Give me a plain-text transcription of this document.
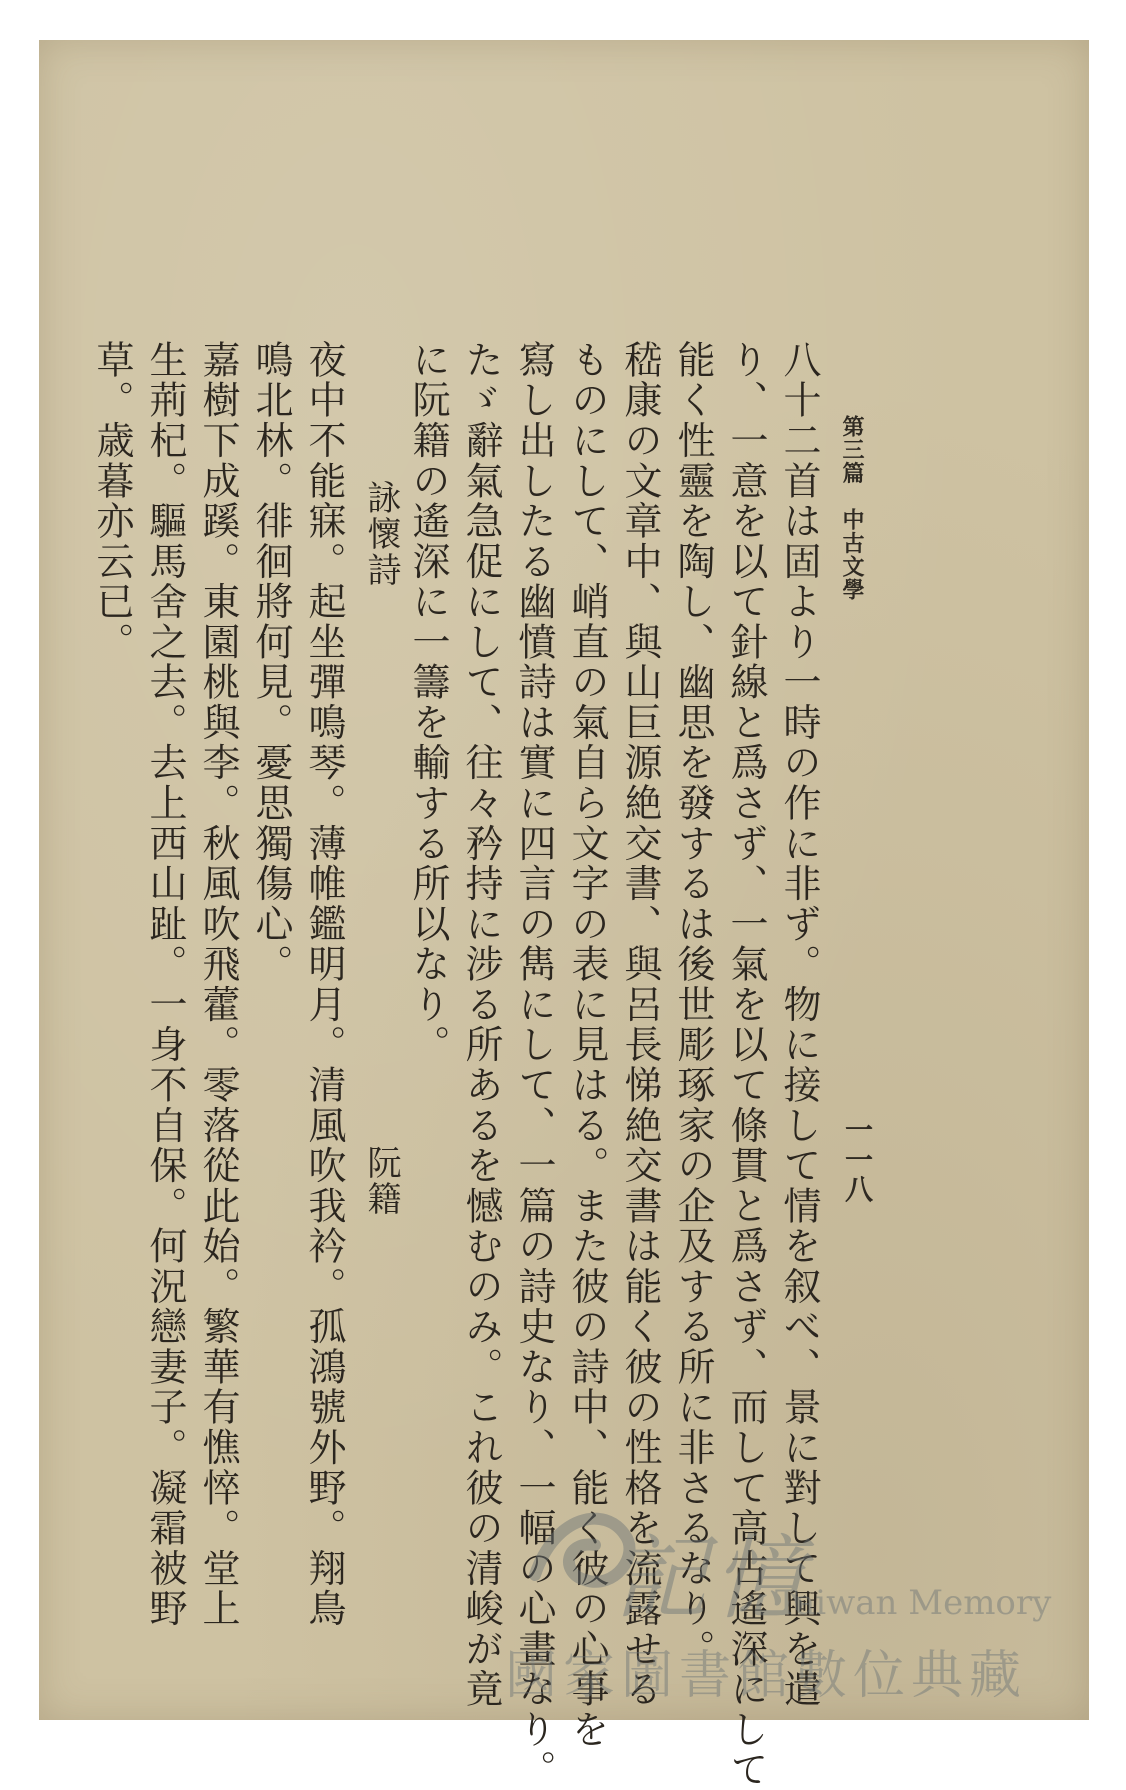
第三篇　中古文學
一一八
八十二首は固より一時の作に非ず。物に接して情を叙べ、景に對して興を遣
り、一意を以て針線と爲さず、一氣を以て條貫と爲さず、而して高古遙深にして
能く性靈を陶し、幽思を發するは後世彫琢家の企及する所に非さるなり。
嵇康の文章中、與山巨源絶交書、與呂長悌絶交書は能く彼の性格を流露せる
ものにして、峭直の氣自ら文字の表に見はる。また彼の詩中、能く彼の心事を
寫し出したる幽憤詩は實に四言の雋にして、一篇の詩史なり、一幅の心畫なり。
たゞ辭氣急促にして、往々矜持に涉る所あるを憾むのみ。これ彼の清峻が竟
に阮籍の遙深に一籌を輸する所以なり。
詠懷詩
阮籍
夜中不能寐。起坐彈鳴琴。薄帷鑑明月。清風吹我衿。孤鴻號外野。翔鳥
鳴北林。徘徊將何見。憂思獨傷心。
嘉樹下成蹊。東園桃與李。秋風吹飛藿。零落從此始。繁華有憔悴。堂上
生荊杞。驅馬舍之去。去上西山趾。一身不自保。何況戀妻子。凝霜被野
草。歳暮亦云已。
記憶
Taiwan Memory
國家圖書館數位典藏
